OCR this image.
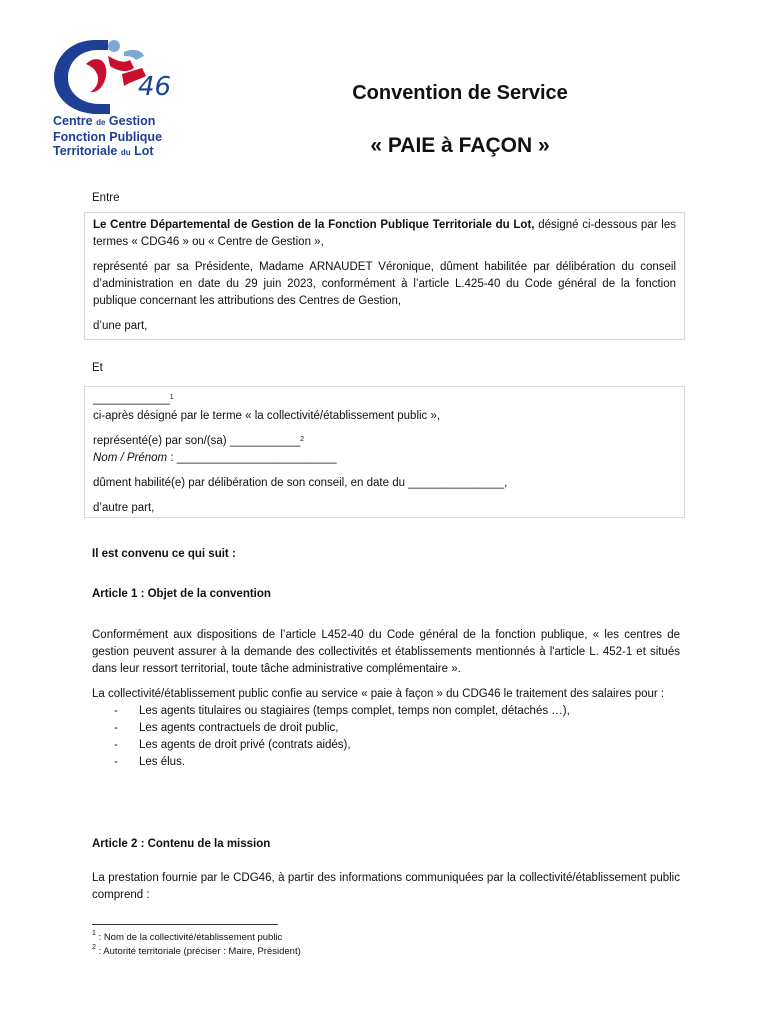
46
Centre de Gestion
Fonction Publique
Territoriale du Lot
Convention de Service
« PAIE à FAÇON »
Entre

Le Centre Départemental de Gestion de la Fonction Publique Territoriale du Lot, désigné ci-dessous par les termes « CDG46 » ou « Centre de Gestion »,

représenté par sa Présidente, Madame ARNAUDET Véronique, dûment habilitée par délibération du conseil d’administration en date du 29 juin 2023, conformément à l’article L.425-40 du Code général de la fonction publique concernant les attributions des Centres de Gestion,

d’une part,

Et

____________$^1$

ci-après désigné par le terme « la collectivité/établissement public »,

représenté(e) par son/(sa) ___________$^2$

Nom / Prénom : _________________________

dûment habilité(e) par délibération de son conseil, en date du _______________,

d’autre part,

Il est convenu ce qui suit :
Article 1 : Objet de la convention

Conformément aux dispositions de l’article L452-40 du Code général de la fonction publique, « les centres de gestion peuvent assurer à la demande des collectivités et établissements mentionnés à l'article L. 452-1 et situés dans leur ressort territorial, toute tâche administrative complémentaire ».

La collectivité/établissement public confie au service « paie à façon » du CDG46 le traitement des salaires pour :

- Les agents titulaires ou stagiaires (temps complet, temps non complet, détachés …),
- Les agents contractuels de droit public,
- Les agents de droit privé (contrats aidés),
- Les élus.
Article 2 : Contenu de la mission

La prestation fournie par le CDG46, à partir des informations communiquées par la collectivité/établissement public comprend :

$^1$ : Nom de la collectivité/établissement public
$^2$ : Autorité territoriale (préciser : Maire, Président)
